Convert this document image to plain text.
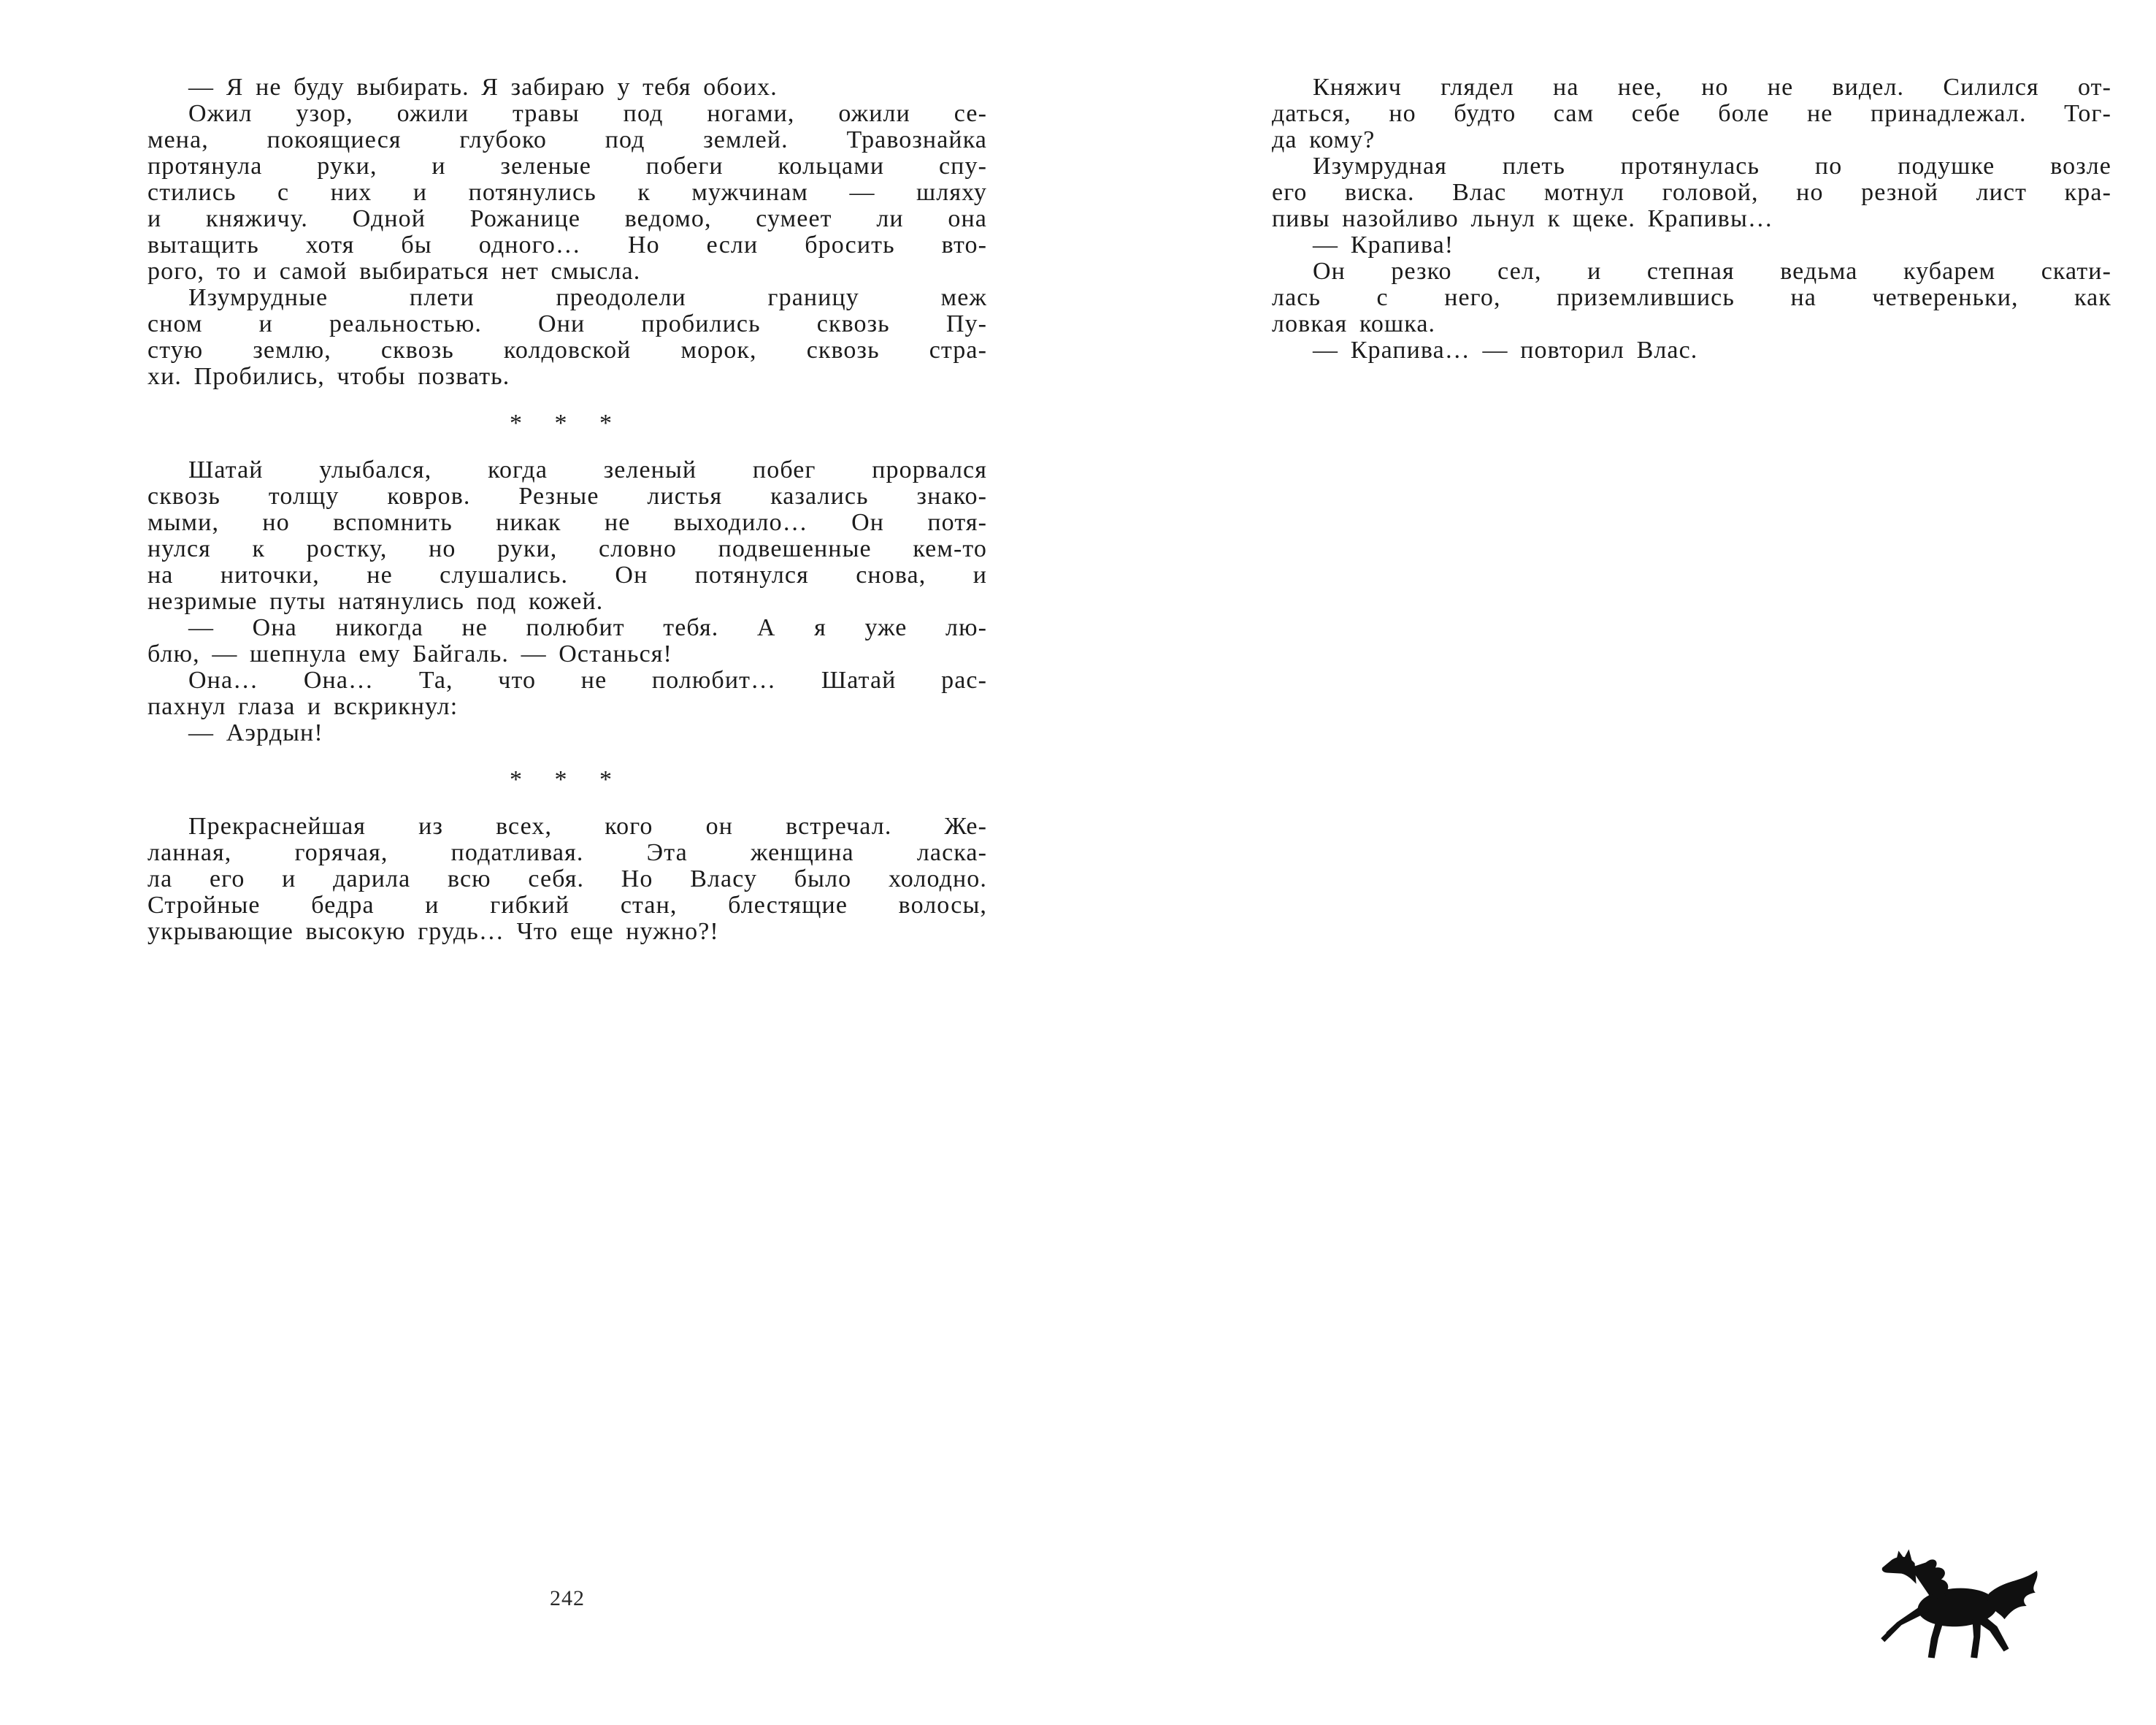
— Я не буду выбирать. Я забираю у тебя обоих.
Ожил узор, ожили травы под ногами, ожили се-
мена, покоящиеся глубоко под землей. Травознайка
протянула руки, и зеленые побеги кольцами спу-
стились с них и потянулись к мужчинам — шляху
и княжичу. Одной Рожанице ведомо, сумеет ли она
вытащить хотя бы одного… Но если бросить вто-
рого, то и самой выбираться нет смысла.
Изумрудные плети преодолели границу меж
сном и реальностью. Они пробились сквозь Пу-
стую землю, сквозь колдовской морок, сквозь стра-
хи. Пробились, чтобы позвать.
* * *
Шатай улыбался, когда зеленый побег прорвался
сквозь толщу ковров. Резные листья казались знако-
мыми, но вспомнить никак не выходило… Он потя-
нулся к ростку, но руки, словно подвешенные кем-то
на ниточки, не слушались. Он потянулся снова, и
незримые путы натянулись под кожей.
— Она никогда не полюбит тебя. А я уже лю-
блю, — шепнула ему Байгаль. — Останься!
Она… Она… Та, что не полюбит… Шатай рас-
пахнул глаза и вскрикнул:
— Аэрдын!
* * *
Прекраснейшая из всех, кого он встречал. Же-
ланная, горячая, податливая. Эта женщина ласка-
ла его и дарила всю себя. Но Власу было холодно.
Стройные бедра и гибкий стан, блестящие волосы,
укрывающие высокую грудь… Что еще нужно?!
Княжич глядел на нее, но не видел. Силился от-
даться, но будто сам себе боле не принадлежал. Тог-
да кому?
Изумрудная плеть протянулась по подушке возле
его виска. Влас мотнул головой, но резной лист кра-
пивы назойливо льнул к щеке. Крапивы…
— Крапива!
Он резко сел, и степная ведьма кубарем скати-
лась с него, приземлившись на четвереньки, как
ловкая кошка.
— Крапива… — повторил Влас.
242
